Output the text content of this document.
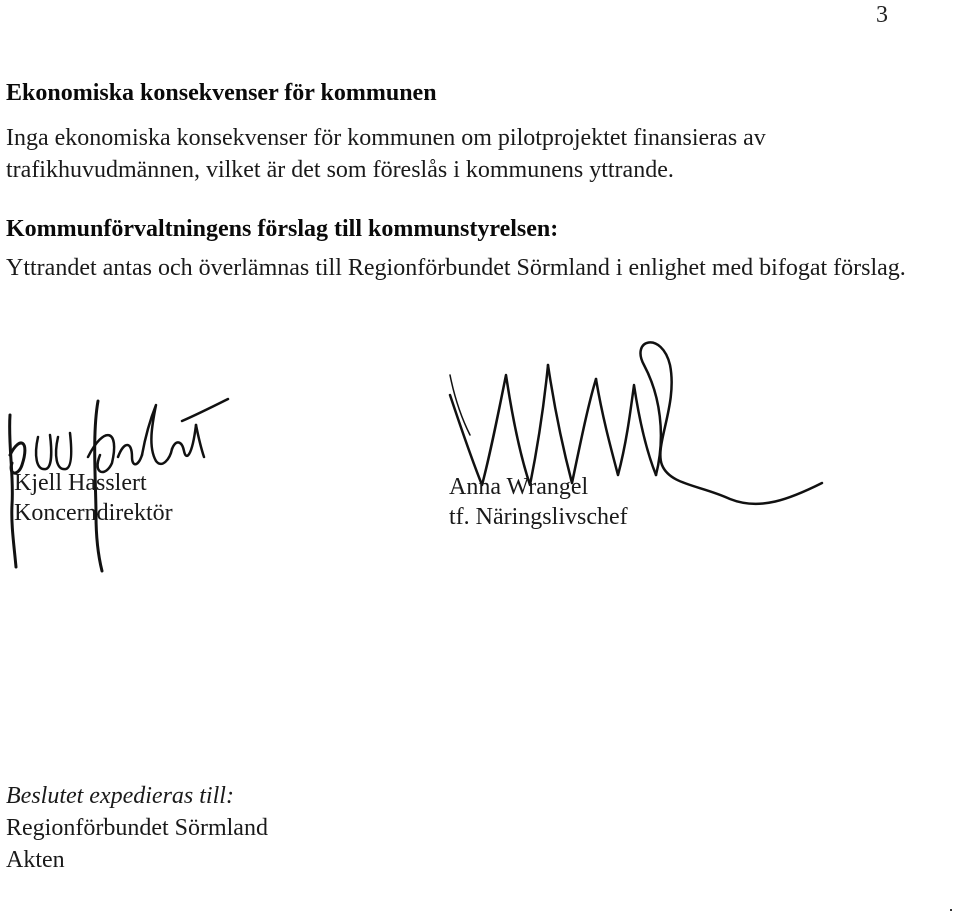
3
Ekonomiska konsekvenser för kommunen

Inga ekonomiska konsekvenser för kommunen om pilotprojektet finansieras av trafikhuvudmännen, vilket är det som föreslås i kommunens yttrande.

Kommunförvaltningens förslag till kommunstyrelsen:

Yttrandet antas och överlämnas till Regionförbundet Sörmland i enlighet med bifogat förslag.

Kjell Hasslert
Koncerndirektör
Anna Wrangel
tf. Näringslivschef
Beslutet expedieras till:
Regionförbundet Sörmland
Akten
